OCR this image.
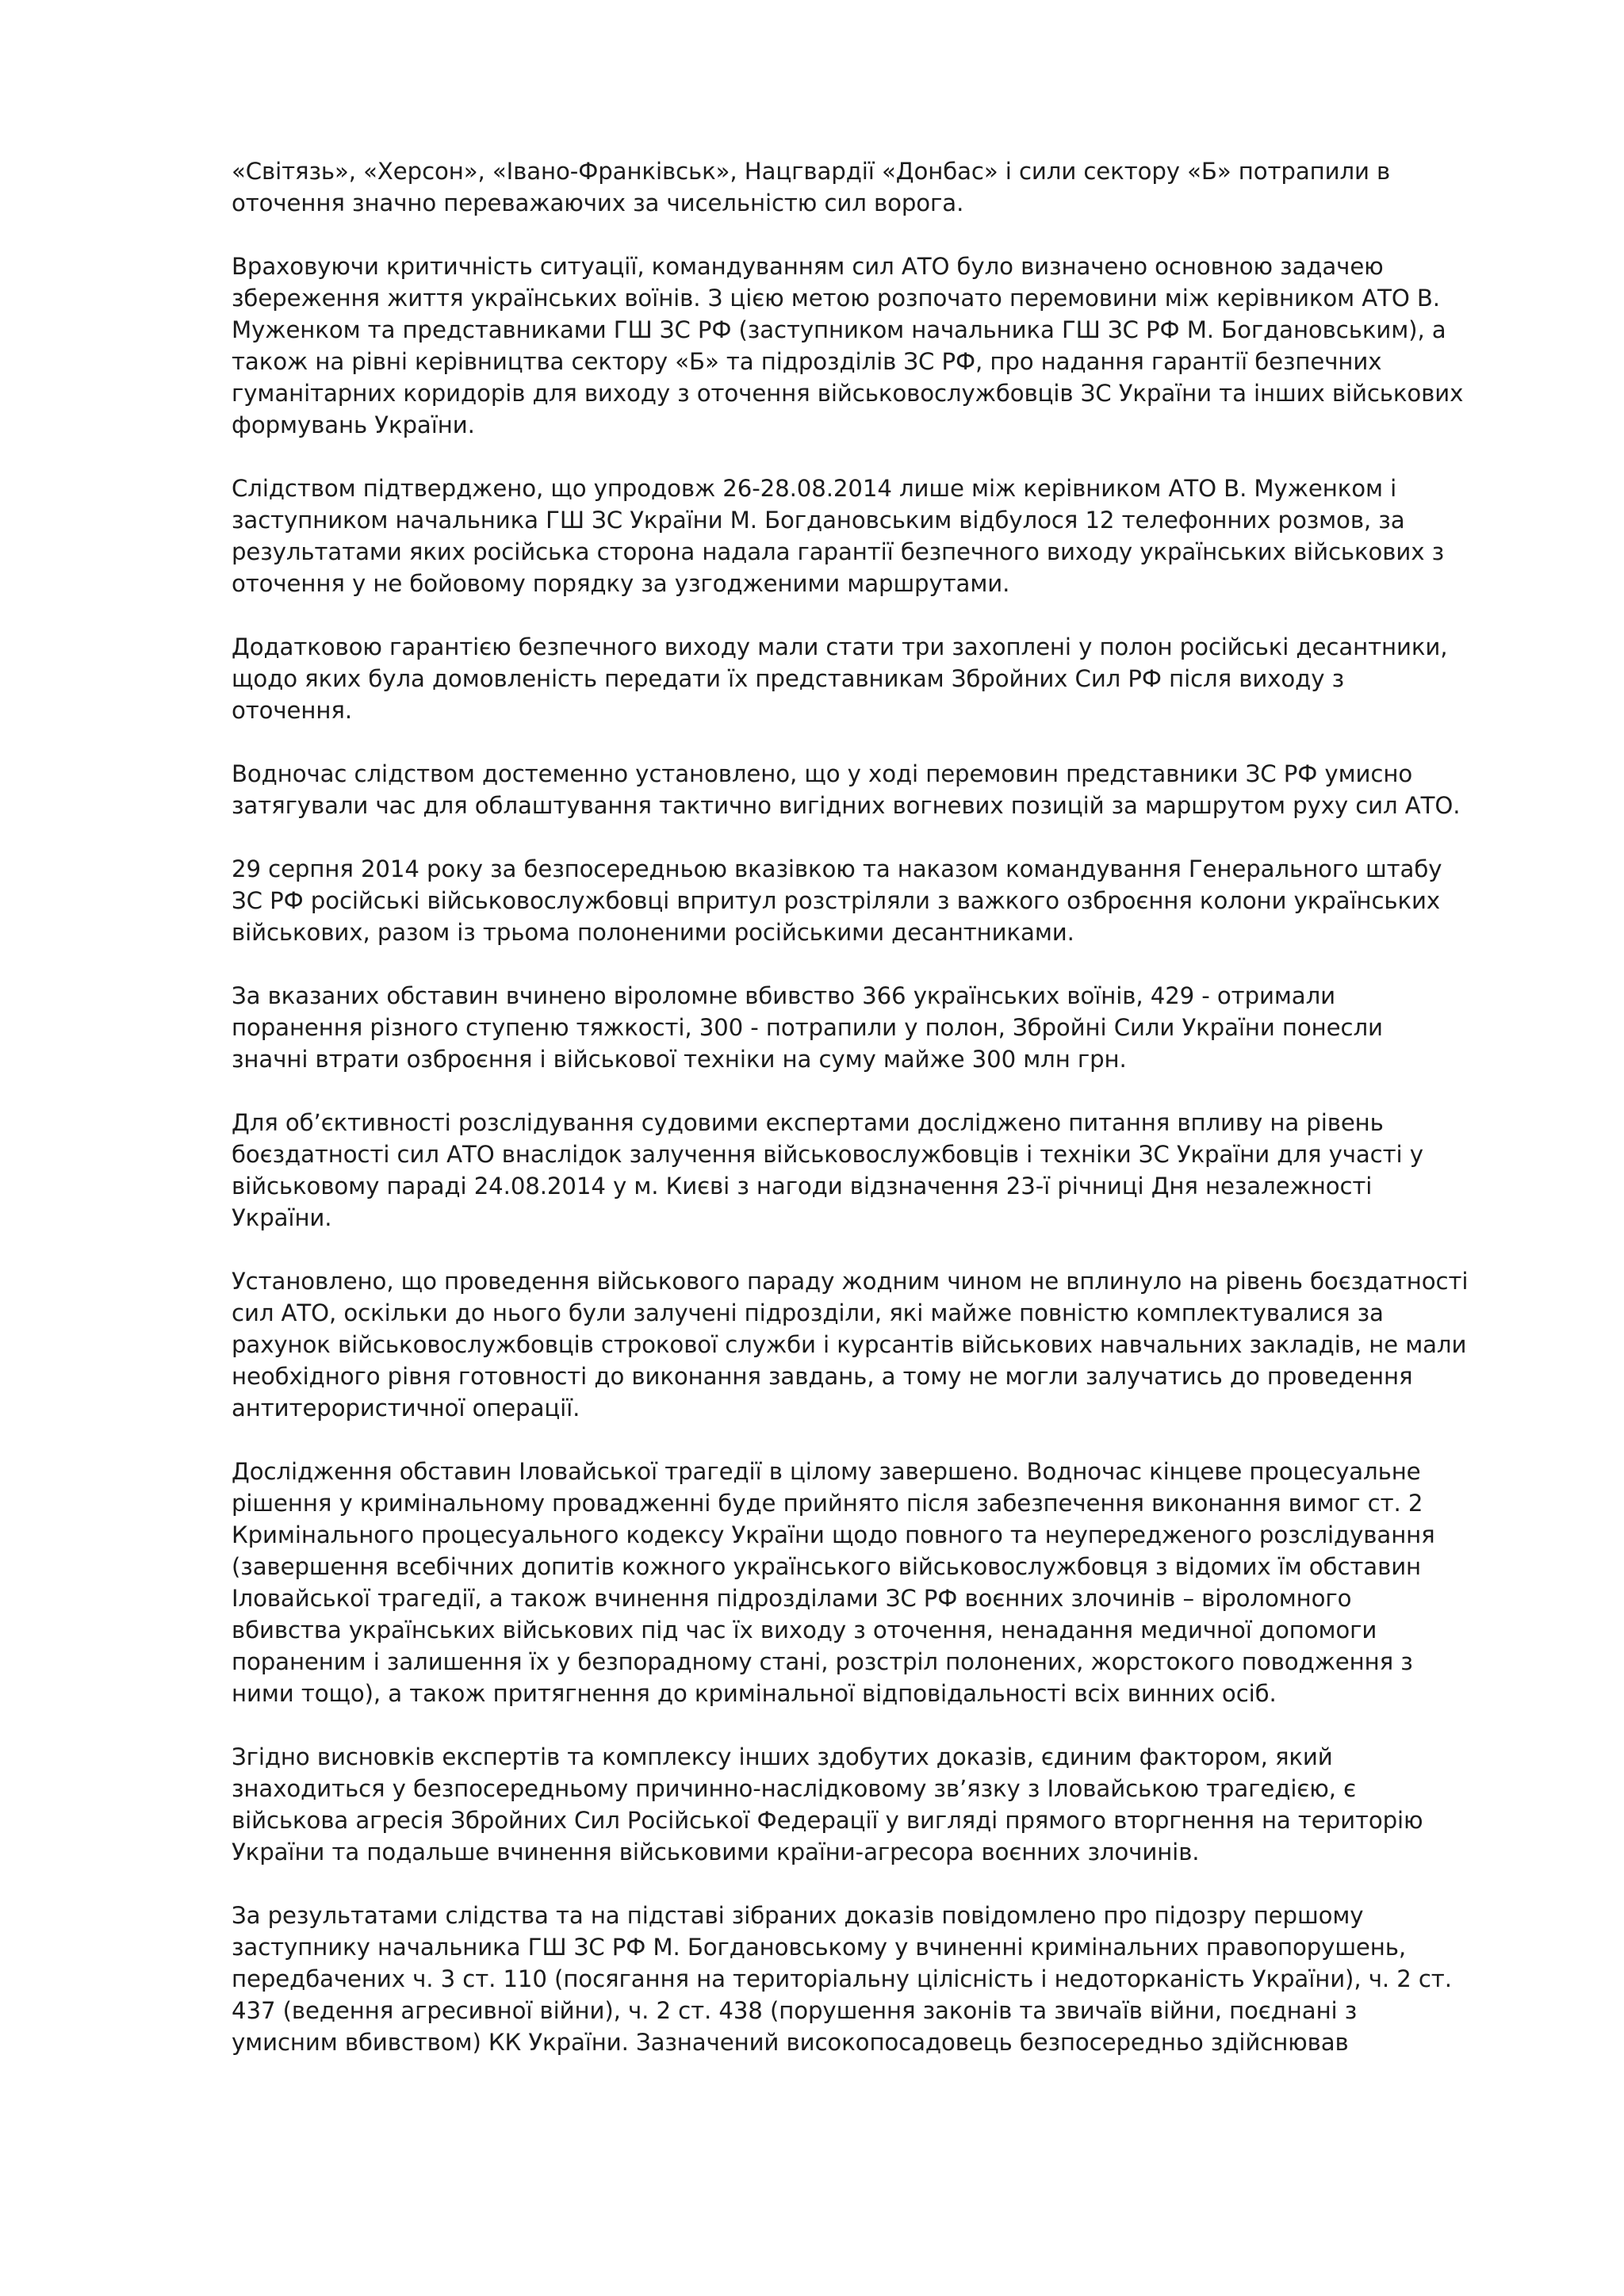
«Світязь», «Херсон», «Івано-Франківськ», Нацгвардії «Донбас» і сили сектору «Б» потрапили в
оточення значно переважаючих за чисельністю сил ворога.

Враховуючи критичність ситуації, командуванням сил АТО було визначено основною задачею
збереження життя українських воїнів. З цією метою розпочато перемовини між керівником АТО В.
Муженком та представниками ГШ ЗС РФ (заступником начальника ГШ ЗС РФ М. Богдановським), а
також на рівні керівництва сектору «Б» та підрозділів ЗС РФ, про надання гарантії безпечних
гуманітарних коридорів для виходу з оточення військовослужбовців ЗС України та інших військових
формувань України.

Слідством підтверджено, що упродовж 26-28.08.2014 лише між керівником АТО В. Муженком і
заступником начальника ГШ ЗС України М. Богдановським відбулося 12 телефонних розмов, за
результатами яких російська сторона надала гарантії безпечного виходу українських військових з
оточення у не бойовому порядку за узгодженими маршрутами.

Додатковою гарантією безпечного виходу мали стати три захоплені у полон російські десантники,
щодо яких була домовленість передати їх представникам Збройних Сил РФ після виходу з
оточення.

Водночас слідством достеменно установлено, що у ході перемовин представники ЗС РФ умисно
затягували час для облаштування тактично вигідних вогневих позицій за маршрутом руху сил АТО.

29 серпня 2014 року за безпосередньою вказівкою та наказом командування Генерального штабу
ЗС РФ російські військовослужбовці впритул розстріляли з важкого озброєння колони українських
військових, разом із трьома полоненими російськими десантниками.

За вказаних обставин вчинено віроломне вбивство 366 українських воїнів, 429 - отримали
поранення різного ступеню тяжкості, 300 - потрапили у полон, Збройні Сили України понесли
значні втрати озброєння і військової техніки на суму майже 300 млн грн.

Для об’єктивності розслідування судовими експертами досліджено питання впливу на рівень
боєздатності сил АТО внаслідок залучення військовослужбовців і техніки ЗС України для участі у
військовому параді 24.08.2014 у м. Києві з нагоди відзначення 23-ї річниці Дня незалежності
України.

Установлено, що проведення військового параду жодним чином не вплинуло на рівень боєздатності
сил АТО, оскільки до нього були залучені підрозділи, які майже повністю комплектувалися за
рахунок військовослужбовців строкової служби і курсантів військових навчальних закладів, не мали
необхідного рівня готовності до виконання завдань, а тому не могли залучатись до проведення
антитерористичної операції.

Дослідження обставин Іловайської трагедії в цілому завершено. Водночас кінцеве процесуальне
рішення у кримінальному провадженні буде прийнято після забезпечення виконання вимог ст. 2
Кримінального процесуального кодексу України щодо повного та неупередженого розслідування
(завершення всебічних допитів кожного українського військовослужбовця з відомих їм обставин
Іловайської трагедії, а також вчинення підрозділами ЗС РФ воєнних злочинів – віроломного
вбивства українських військових під час їх виходу з оточення, ненадання медичної допомоги
пораненим і залишення їх у безпорадному стані, розстріл полонених, жорстокого поводження з
ними тощо), а також притягнення до кримінальної відповідальності всіх винних осіб.

Згідно висновків експертів та комплексу інших здобутих доказів, єдиним фактором, який
знаходиться у безпосередньому причинно-наслідковому зв’язку з Іловайською трагедією, є
військова агресія Збройних Сил Російської Федерації у вигляді прямого вторгнення на територію
України та подальше вчинення військовими країни-агресора воєнних злочинів.

За результатами слідства та на підставі зібраних доказів повідомлено про підозру першому
заступнику начальника ГШ ЗС РФ М. Богдановському у вчиненні кримінальних правопорушень,
передбачених ч. 3 ст. 110 (посягання на територіальну цілісність і недоторканість України), ч. 2 ст.
437 (ведення агресивної війни), ч. 2 ст. 438 (порушення законів та звичаїв війни, поєднані з
умисним вбивством) КК України. Зазначений високопосадовець безпосередньо здійснював
